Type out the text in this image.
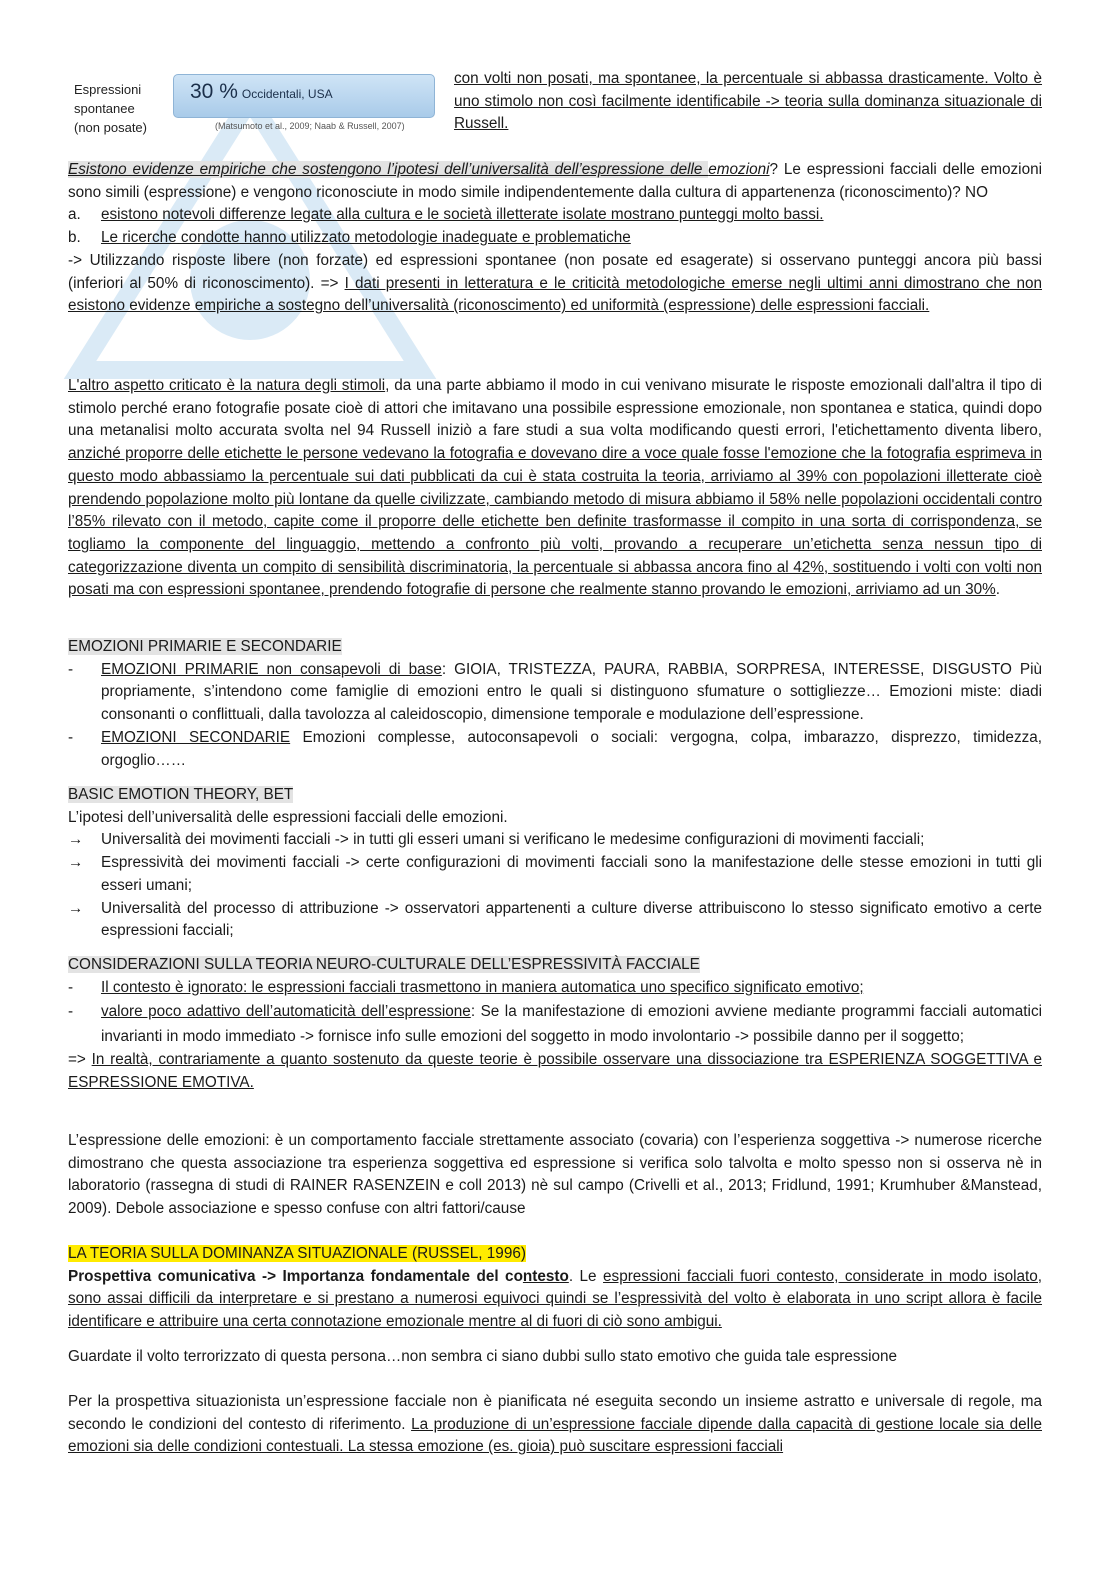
Espressioni spontanee (non posate)
30 % Occidentali, USA
(Matsumoto et al., 2009; Naab & Russell, 2007)
con volti non posati, ma spontanee, la percentuale si abbassa drasticamente. Volto è uno stimolo non così facilmente identificabile -> teoria sulla dominanza situazionale di Russell.

Esistono evidenze empiriche che sostengono l’ipotesi dell’universalità dell’espressione delle emozioni? Le espressioni facciali delle emozioni sono simili (espressione) e vengono riconosciute in modo simile indipendentemente dalla cultura di appartenenza (riconoscimento)? NO

a. esistono notevoli differenze legate alla cultura e le società illetterate isolate mostrano punteggi molto bassi.
b. Le ricerche condotte hanno utilizzato metodologie inadeguate e problematiche

-> Utilizzando risposte libere (non forzate) ed espressioni spontanee (non posate ed esagerate) si osservano punteggi ancora più bassi (inferiori al 50% di riconoscimento). => I dati presenti in letteratura e le criticità metodologiche emerse negli ultimi anni dimostrano che non esistono evidenze empiriche a sostegno dell’universalità (riconoscimento) ed uniformità (espressione) delle espressioni facciali.

L'altro aspetto criticato è la natura degli stimoli, da una parte abbiamo il modo in cui venivano misurate le risposte emozionali dall'altra il tipo di stimolo perché erano fotografie posate cioè di attori che imitavano una possibile espressione emozionale, non spontanea e statica, quindi dopo una metanalisi molto accurata svolta nel 94 Russell iniziò a fare studi a sua volta modificando questi errori, l'etichettamento diventa libero, anziché proporre delle etichette le persone vedevano la fotografia e dovevano dire a voce quale fosse l'emozione che la fotografia esprimeva in questo modo abbassiamo la percentuale sui dati pubblicati da cui è stata costruita la teoria, arriviamo al 39% con popolazioni illetterate cioè prendendo popolazione molto più lontane da quelle civilizzate, cambiando metodo di misura abbiamo il 58% nelle popolazioni occidentali contro l’85% rilevato con il metodo, capite come il proporre delle etichette ben definite trasformasse il compito in una sorta di corrispondenza, se togliamo la componente del linguaggio, mettendo a confronto più volti, provando a recuperare un’etichetta senza nessun tipo di categorizzazione diventa un compito di sensibilità discriminatoria, la percentuale si abbassa ancora fino al 42%, sostituendo i volti con volti non posati ma con espressioni spontanee, prendendo fotografie di persone che realmente stanno provando le emozioni, arriviamo ad un 30%.

EMOZIONI PRIMARIE E SECONDARIE

- EMOZIONI PRIMARIE non consapevoli di base: GIOIA, TRISTEZZA, PAURA, RABBIA, SORPRESA, INTERESSE, DISGUSTO Più propriamente, s’intendono come famiglie di emozioni entro le quali si distinguono sfumature o sottigliezze… Emozioni miste: diadi consonanti o conflittuali, dalla tavolozza al caleidoscopio, dimensione temporale e modulazione dell’espressione.
- EMOZIONI SECONDARIE Emozioni complesse, autoconsapevoli o sociali: vergogna, colpa, imbarazzo, disprezzo, timidezza, orgoglio……

BASIC EMOTION THEORY, BET

L’ipotesi dell’universalità delle espressioni facciali delle emozioni.

→ Universalità dei movimenti facciali -> in tutti gli esseri umani si verificano le medesime configurazioni di movimenti facciali;
→ Espressività dei movimenti facciali -> certe configurazioni di movimenti facciali sono la manifestazione delle stesse emozioni in tutti gli esseri umani;
→ Universalità del processo di attribuzione -> osservatori appartenenti a culture diverse attribuiscono lo stesso significato emotivo a certe espressioni facciali;

CONSIDERAZIONI SULLA TEORIA NEURO-CULTURALE DELL’ESPRESSIVITÀ FACCIALE

- Il contesto è ignorato: le espressioni facciali trasmettono in maniera automatica uno specifico significato emotivo;
- valore poco adattivo dell’automaticità dell’espressione: Se la manifestazione di emozioni avviene mediante programmi facciali automatici invarianti in modo immediato -> fornisce info sulle emozioni del soggetto in modo involontario -> possibile danno per il soggetto;

=> In realtà, contrariamente a quanto sostenuto da queste teorie è possibile osservare una dissociazione tra ESPERIENZA SOGGETTIVA e ESPRESSIONE EMOTIVA.

L’espressione delle emozioni: è un comportamento facciale strettamente associato (covaria) con l’esperienza soggettiva -> numerose ricerche dimostrano che questa associazione tra esperienza soggettiva ed espressione si verifica solo talvolta e molto spesso non si osserva nè in laboratorio (rassegna di studi di RAINER RASENZEIN e coll 2013) nè sul campo (Crivelli et al., 2013; Fridlund, 1991; Krumhuber &Manstead, 2009). Debole associazione e spesso confuse con altri fattori/cause

LA TEORIA SULLA DOMINANZA SITUAZIONALE (RUSSEL, 1996)

Prospettiva comunicativa -> Importanza fondamentale del contesto. Le espressioni facciali fuori contesto, considerate in modo isolato, sono assai difficili da interpretare e si prestano a numerosi equivoci quindi se l’espressività del volto è elaborata in uno script allora è facile identificare e attribuire una certa connotazione emozionale mentre al di fuori di ciò sono ambigui.

Guardate il volto terrorizzato di questa persona…non sembra ci siano dubbi sullo stato emotivo che guida tale espressione

Per la prospettiva situazionista un’espressione facciale non è pianificata né eseguita secondo un insieme astratto e universale di regole, ma secondo le condizioni del contesto di riferimento. La produzione di un’espressione facciale dipende dalla capacità di gestione locale sia delle emozioni sia delle condizioni contestuali. La stessa emozione (es. gioia) può suscitare espressioni facciali
